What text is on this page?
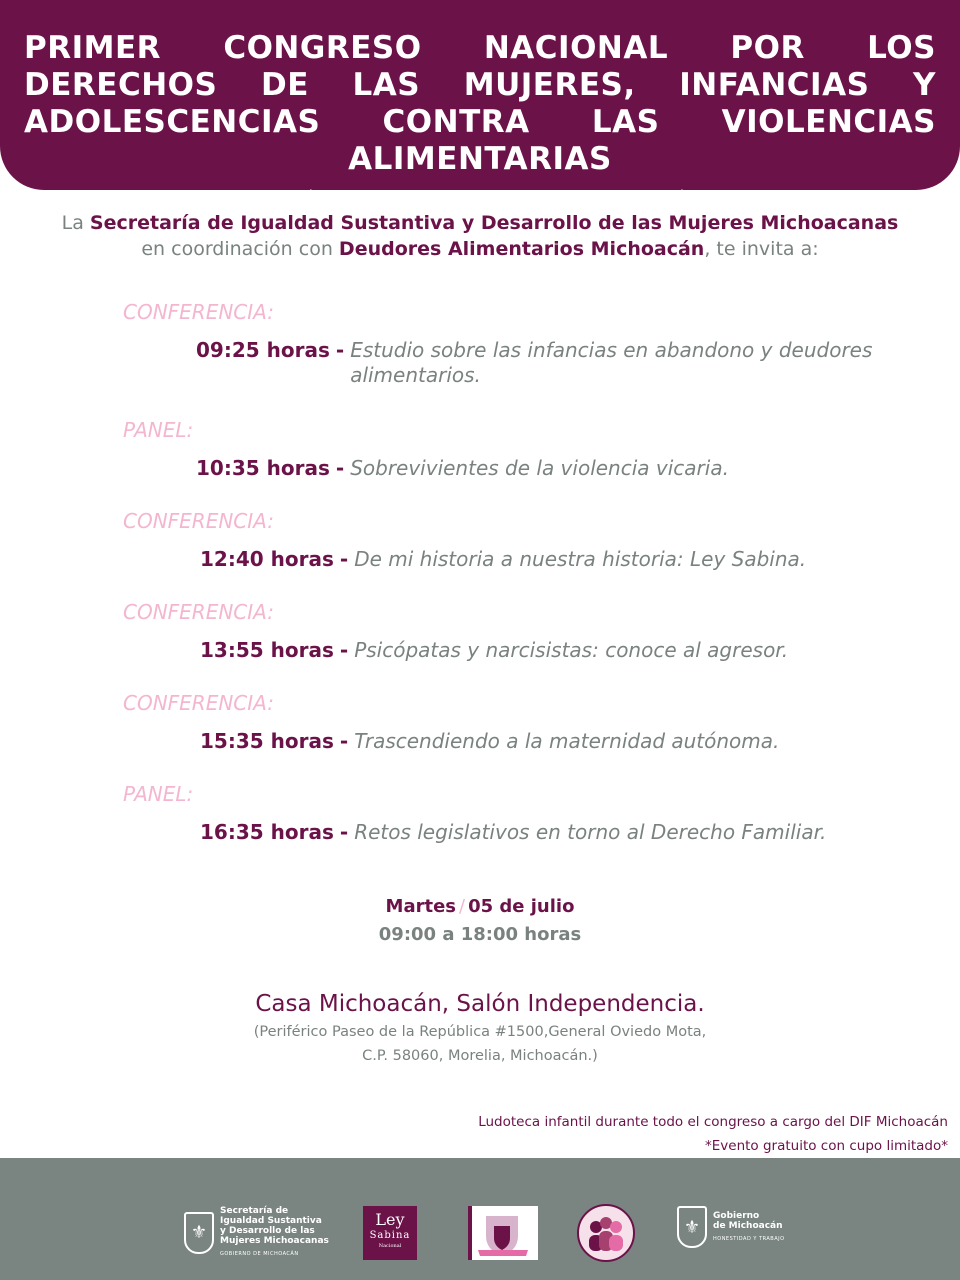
PRIMER CONGRESO NACIONAL POR LOS DERECHOS DE LAS MUJERES, INFANCIAS Y ADOLESCENCIAS CONTRA LAS VIOLENCIAS ALIMENTARIAS
RUMBO A LA VISIBILIZACIÓN DE LAS VIOLENCIAS ALIMENTARIAS Y LA AUTONOMÍA EN LA MATERNIDAD
La Secretaría de Igualdad Sustantiva y Desarrollo de las Mujeres Michoacanas
en coordinación con Deudores Alimentarios Michoacán, te invita a:
CONFERENCIA:
09:25 horas - Estudio sobre las infancias en abandono y deudores alimentarios.
PANEL:
10:35 horas - Sobrevivientes de la violencia vicaria.
CONFERENCIA:
12:40 horas - De mi historia a nuestra historia: Ley Sabina.
CONFERENCIA:
13:55 horas - Psicópatas y narcisistas: conoce al agresor.
CONFERENCIA:
15:35 horas - Trascendiendo a la maternidad autónoma.
PANEL:
16:35 horas - Retos legislativos en torno al Derecho Familiar.
Martes / 05 de julio
09:00 a 18:00 horas
Casa Michoacán, Salón Independencia.
(Periférico Paseo de la República #1500,General Oviedo Mota,
C.P. 58060, Morelia, Michoacán.)
Ludoteca infantil durante todo el congreso a cargo del DIF Michoacán
*Evento gratuito con cupo limitado*
⚜
Secretaría de
Igualdad Sustantiva
y Desarrollo de las
Mujeres Michoacanas
GOBIERNO DE MICHOACÁN
Ley
Sabina
Nacional
⚜
Gobierno
de Michoacán
HONESTIDAD Y TRABAJO
